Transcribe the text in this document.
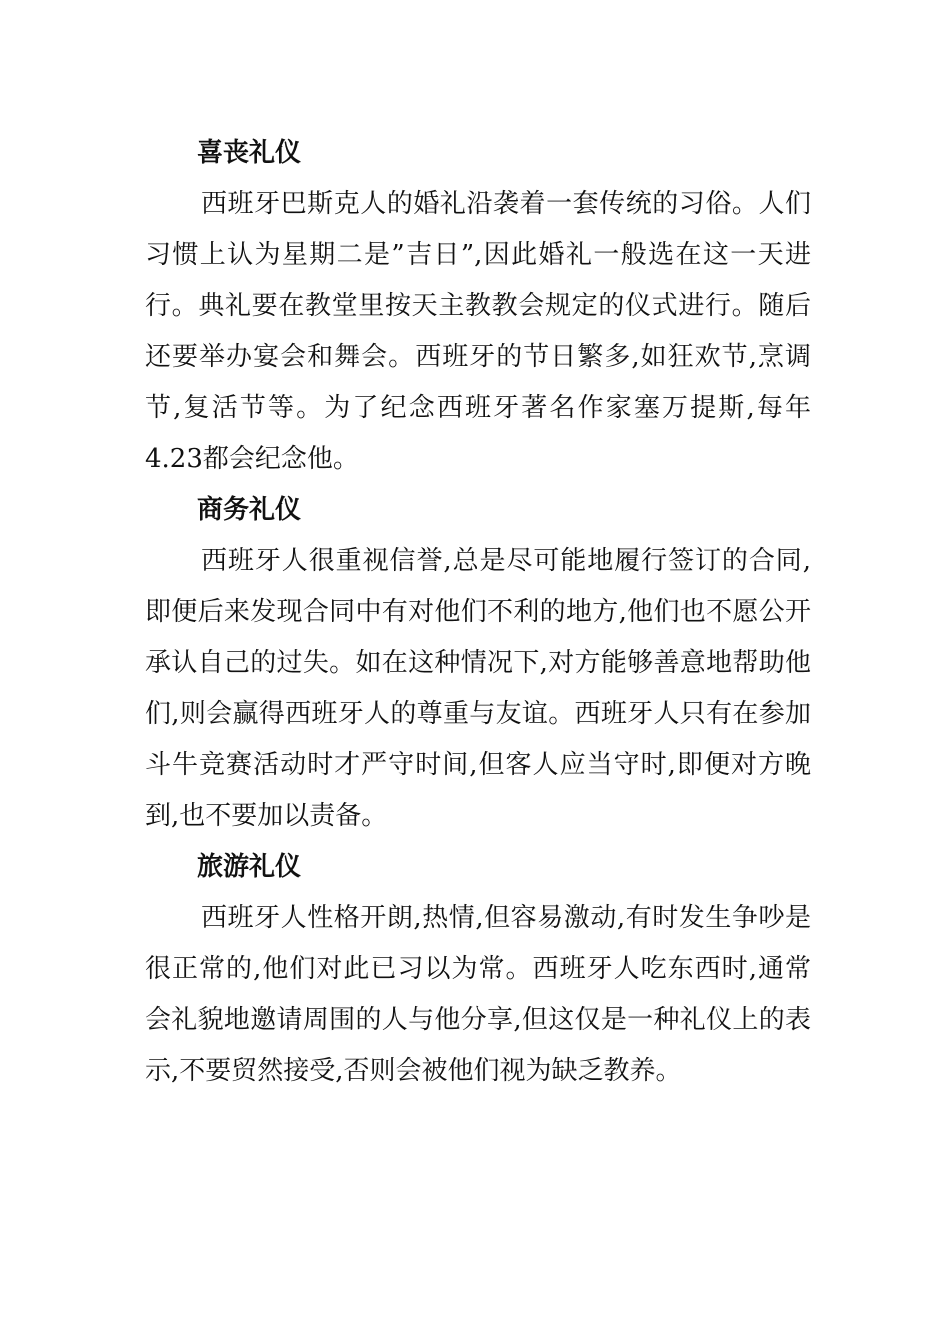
喜丧礼仪

西班牙巴斯克人的婚礼沿袭着一套传统的习俗。人们习惯上认为星期二是”吉日”,因此婚礼一般选在这一天进行。典礼要在教堂里按天主教教会规定的仪式进行。随后还要举办宴会和舞会。西班牙的节日繁多,如狂欢节,烹调节,复活节等。为了纪念西班牙著名作家塞万提斯,每年4.23都会纪念他。

商务礼仪

西班牙人很重视信誉,总是尽可能地履行签订的合同,即便后来发现合同中有对他们不利的地方,他们也不愿公开承认自己的过失。如在这种情况下,对方能够善意地帮助他们,则会赢得西班牙人的尊重与友谊。西班牙人只有在参加斗牛竞赛活动时才严守时间,但客人应当守时,即便对方晚到,也不要加以责备。

旅游礼仪

西班牙人性格开朗,热情,但容易激动,有时发生争吵是很正常的,他们对此已习以为常。西班牙人吃东西时,通常会礼貌地邀请周围的人与他分享,但这仅是一种礼仪上的表示,不要贸然接受,否则会被他们视为缺乏教养。
